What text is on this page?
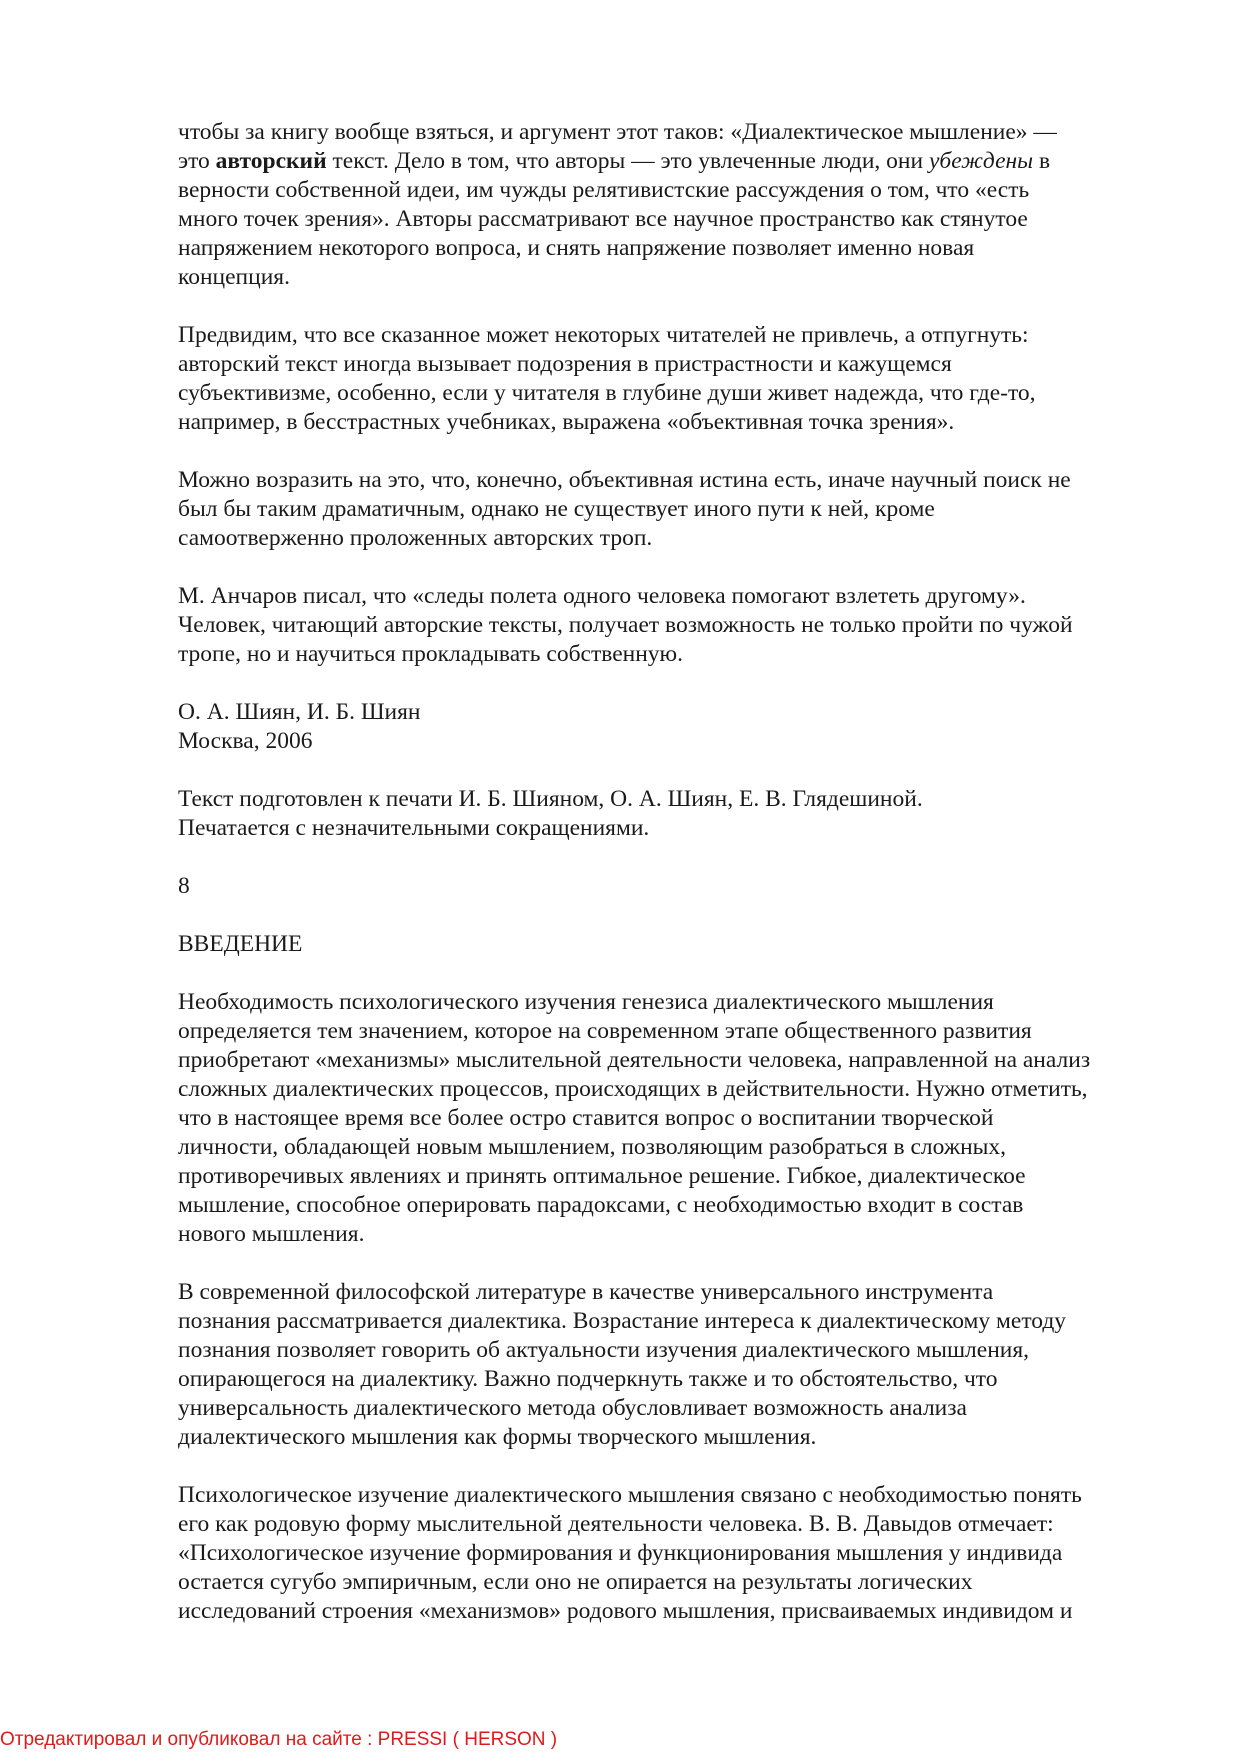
чтобы за книгу вообще взяться, и аргумент этот таков: «Диалектическое мышление» —
это авторский текст. Дело в том, что авторы — это увлеченные люди, они убеждены в
верности собственной идеи, им чужды релятивистские рассуждения о том, что «есть
много точек зрения». Авторы рассматривают все научное пространство как стянутое
напряжением некоторого вопроса, и снять напряжение позволяет именно новая
концепция.
Предвидим, что все сказанное может некоторых читателей не привлечь, а отпугнуть:
авторский текст иногда вызывает подозрения в пристрастности и кажущемся
субъективизме, особенно, если у читателя в глубине души живет надежда, что где-то,
например, в бесстрастных учебниках, выражена «объективная точка зрения».
Можно возразить на это, что, конечно, объективная истина есть, иначе научный поиск не
был бы таким драматичным, однако не существует иного пути к ней, кроме
самоотверженно проложенных авторских троп.
М. Анчаров писал, что «следы полета одного человека помогают взлететь другому».
Человек, читающий авторские тексты, получает возможность не только пройти по чужой
тропе, но и научиться прокладывать собственную.
О. А. Шиян, И. Б. Шиян
Москва, 2006
Текст подготовлен к печати И. Б. Шияном, О. А. Шиян, Е. В. Глядешиной.
Печатается с незначительными сокращениями.
8
ВВЕДЕНИЕ
Необходимость психологического изучения генезиса диалектического мышления
определяется тем значением, которое на современном этапе общественного развития
приобретают «механизмы» мыслительной деятельности человека, направленной на анализ
сложных диалектических процессов, происходящих в действительности. Нужно отметить,
что в настоящее время все более остро ставится вопрос о воспитании творческой
личности, обладающей новым мышлением, позволяющим разобраться в сложных,
противоречивых явлениях и принять оптимальное решение. Гибкое, диалектическое
мышление, способное оперировать парадоксами, с необходимостью входит в состав
нового мышления.
В современной философской литературе в качестве универсального инструмента
познания рассматривается диалектика. Возрастание интереса к диалектическому методу
познания позволяет говорить об актуальности изучения диалектического мышления,
опирающегося на диалектику. Важно подчеркнуть также и то обстоятельство, что
универсальность диалектического метода обусловливает возможность анализа
диалектического мышления как формы творческого мышления.
Психологическое изучение диалектического мышления связано с необходимостью понять
его как родовую форму мыслительной деятельности человека. В. В. Давыдов отмечает:
«Психологическое изучение формирования и функционирования мышления у индивида
остается сугубо эмпиричным, если оно не опирается на результаты логических
исследований строения «механизмов» родового мышления, присваиваемых индивидом и
Отредактировал и опубликовал на сайте : PRESSI ( HERSON )
